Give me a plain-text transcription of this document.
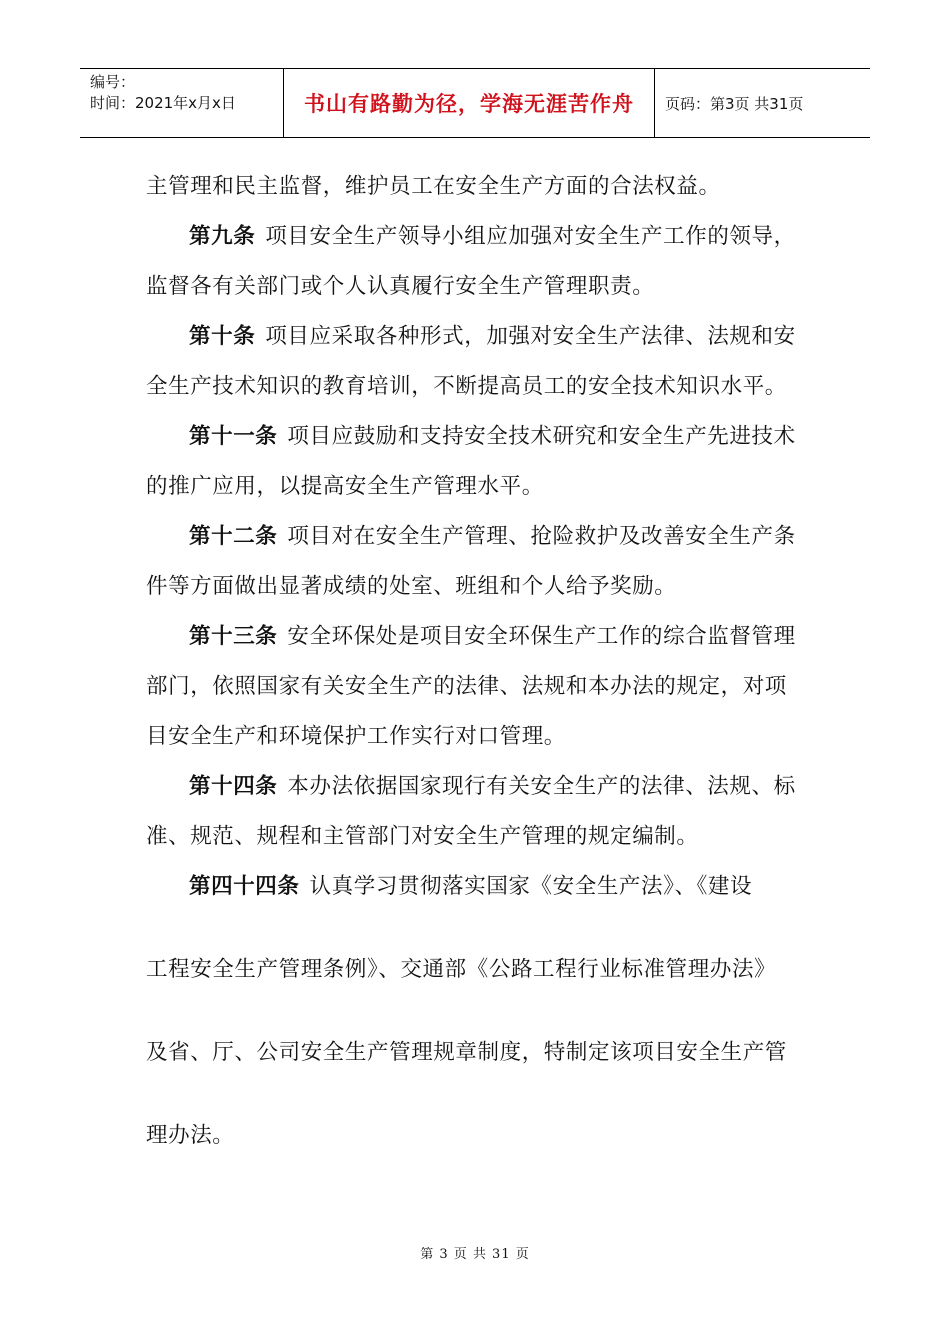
编号：
时间：2021年x月x日	书山有路勤为径，学海无涯苦作舟	页码：第3页 共31页
主管理和民主监督，维护员工在安全生产方面的合法权益。
第九条 项目安全生产领导小组应加强对安全生产工作的领导，
监督各有关部门或个人认真履行安全生产管理职责。
第十条 项目应采取各种形式，加强对安全生产法律、法规和安
全生产技术知识的教育培训，不断提高员工的安全技术知识水平。
第十一条 项目应鼓励和支持安全技术研究和安全生产先进技术
的推广应用，以提高安全生产管理水平。
第十二条 项目对在安全生产管理、抢险救护及改善安全生产条
件等方面做出显著成绩的处室、班组和个人给予奖励。
第十三条 安全环保处是项目安全环保生产工作的综合监督管理
部门，依照国家有关安全生产的法律、法规和本办法的规定，对项
目安全生产和环境保护工作实行对口管理。
第十四条 本办法依据国家现行有关安全生产的法律、法规、标
准、规范、规程和主管部门对安全生产管理的规定编制。
第四十四条 认真学习贯彻落实国家《安全生产法》、《建设
工程安全生产管理条例》、交通部《公路工程行业标准管理办法》
及省、厅、公司安全生产管理规章制度，特制定该项目安全生产管
理办法。
第 3 页 共 31 页
